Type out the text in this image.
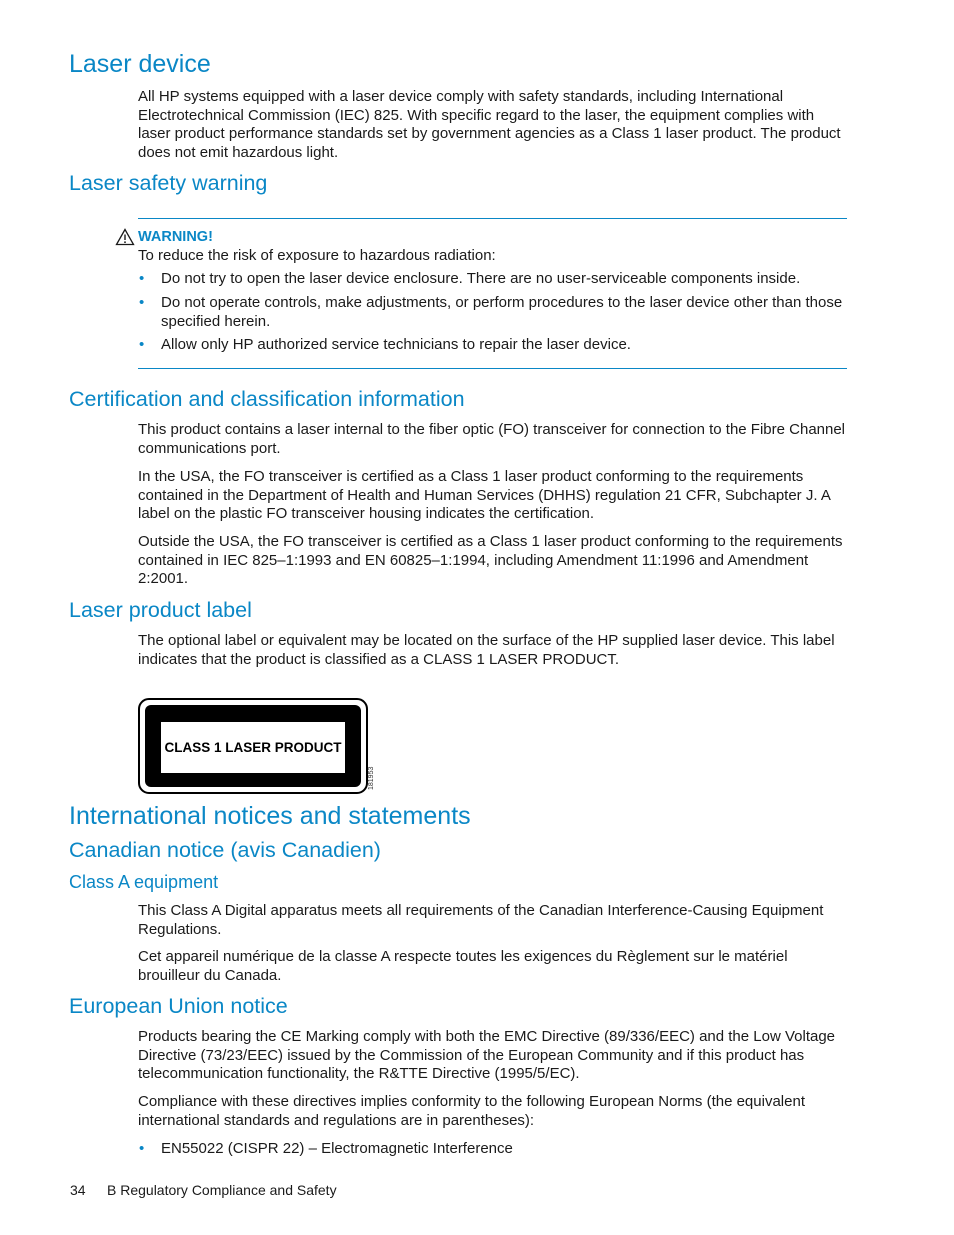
Laser device
All HP systems equipped with a laser device comply with safety standards, including International Electrotechnical Commission (IEC) 825. With specific regard to the laser, the equipment complies with laser product performance standards set by government agencies as a Class 1 laser product. The product does not emit hazardous light.
Laser safety warning
WARNING!
To reduce the risk of exposure to hazardous radiation:
• Do not try to open the laser device enclosure. There are no user-serviceable components inside.
• Do not operate controls, make adjustments, or perform procedures to the laser device other than those specified herein.
• Allow only HP authorized service technicians to repair the laser device.
Certification and classification information
This product contains a laser internal to the fiber optic (FO) transceiver for connection to the Fibre Channel communications port.
In the USA, the FO transceiver is certified as a Class 1 laser product conforming to the requirements contained in the Department of Health and Human Services (DHHS) regulation 21 CFR, Subchapter J. A label on the plastic FO transceiver housing indicates the certification.
Outside the USA, the FO transceiver is certified as a Class 1 laser product conforming to the requirements contained in IEC 825–1:1993 and EN 60825–1:1994, including Amendment 11:1996 and Amendment 2:2001.
Laser product label
The optional label or equivalent may be located on the surface of the HP supplied laser device. This label indicates that the product is classified as a CLASS 1 LASER PRODUCT.
CLASS 1 LASER PRODUCT
181953
International notices and statements
Canadian notice (avis Canadien)
Class A equipment
This Class A Digital apparatus meets all requirements of the Canadian Interference-Causing Equipment Regulations.
Cet appareil numérique de la classe A respecte toutes les exigences du Règlement sur le matériel brouilleur du Canada.
European Union notice
Products bearing the CE Marking comply with both the EMC Directive (89/336/EEC) and the Low Voltage Directive (73/23/EEC) issued by the Commission of the European Community and if this product has telecommunication functionality, the R&TTE Directive (1995/5/EC).
Compliance with these directives implies conformity to the following European Norms (the equivalent international standards and regulations are in parentheses):
• EN55022 (CISPR 22) – Electromagnetic Interference
34 B Regulatory Compliance and Safety
